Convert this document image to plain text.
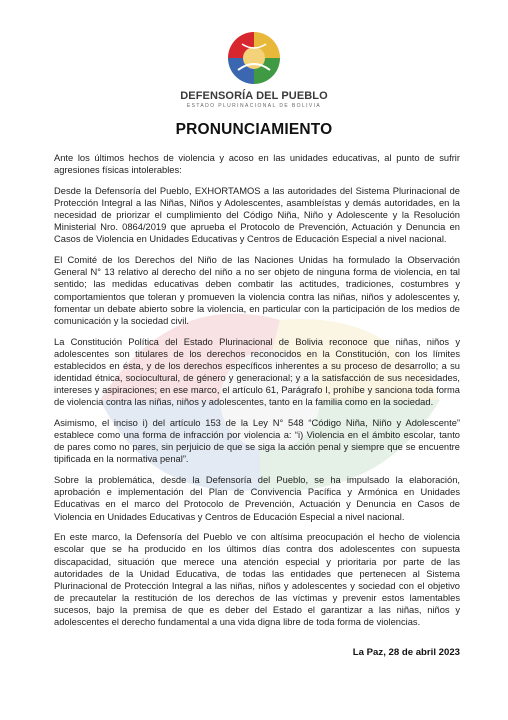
DEFENSORÍA DEL PUEBLO
ESTADO PLURINACIONAL DE BOLIVIA
PRONUNCIAMIENTO

Ante los últimos hechos de violencia y acoso en las unidades educativas, al punto de sufrir agresiones físicas intolerables:

Desde la Defensoría del Pueblo, EXHORTAMOS a las autoridades del Sistema Plurinacional de Protección Integral a las Niñas, Niños y Adolescentes, asambleístas y demás autoridades, en la necesidad de priorizar el cumplimiento del Código Niña, Niño y Adolescente y la Resolución Ministerial Nro. 0864/2019 que aprueba el Protocolo de Prevención, Actuación y Denuncia en Casos de Violencia en Unidades Educativas y Centros de Educación Especial a nivel nacional.

El Comité de los Derechos del Niño de las Naciones Unidas ha formulado la Observación General N° 13 relativo al derecho del niño a no ser objeto de ninguna forma de violencia, en tal sentido; las medidas educativas deben combatir las actitudes, tradiciones, costumbres y comportamientos que toleran y promueven la violencia contra las niñas, niños y adolescentes y, fomentar un debate abierto sobre la violencia, en particular con la participación de los medios de comunicación y la sociedad civil.

La Constitución Política del Estado Plurinacional de Bolivia reconoce que niñas, niños y adolescentes son titulares de los derechos reconocidos en la Constitución, con los límites establecidos en ésta, y de los derechos específicos inherentes a su proceso de desarrollo; a su identidad étnica, sociocultural, de género y generacional; y a la satisfacción de sus necesidades, intereses y aspiraciones; en ese marco, el artículo 61, Parágrafo I, prohíbe y sanciona toda forma de violencia contra las niñas, niños y adolescentes, tanto en la familia como en la sociedad.

Asimismo, el inciso i) del artículo 153 de la Ley N° 548 “Código Niña, Niño y Adolescente” establece como una forma de infracción por violencia a: “i) Violencia en el ámbito escolar, tanto de pares como no pares, sin perjuicio de que se siga la acción penal y siempre que se encuentre tipificada en la normativa penal”.

Sobre la problemática, desde la Defensoría del Pueblo, se ha impulsado la elaboración, aprobación e implementación del Plan de Convivencia Pacífica y Armónica en Unidades Educativas en el marco del Protocolo de Prevención, Actuación y Denuncia en Casos de Violencia en Unidades Educativas y Centros de Educación Especial a nivel nacional.

En este marco, la Defensoría del Pueblo ve con altísima preocupación el hecho de violencia escolar que se ha producido en los últimos días contra dos adolescentes con supuesta discapacidad, situación que merece una atención especial y prioritaria por parte de las autoridades de la Unidad Educativa, de todas las entidades que pertenecen al Sistema Plurinacional de Protección Integral a las niñas, niños y adolescentes y sociedad con el objetivo de precautelar la restitución de los derechos de las víctimas y prevenir estos lamentables sucesos, bajo la premisa de que es deber del Estado el garantizar a las niñas, niños y adolescentes el derecho fundamental a una vida digna libre de toda forma de violencias.

La Paz, 28 de abril 2023
